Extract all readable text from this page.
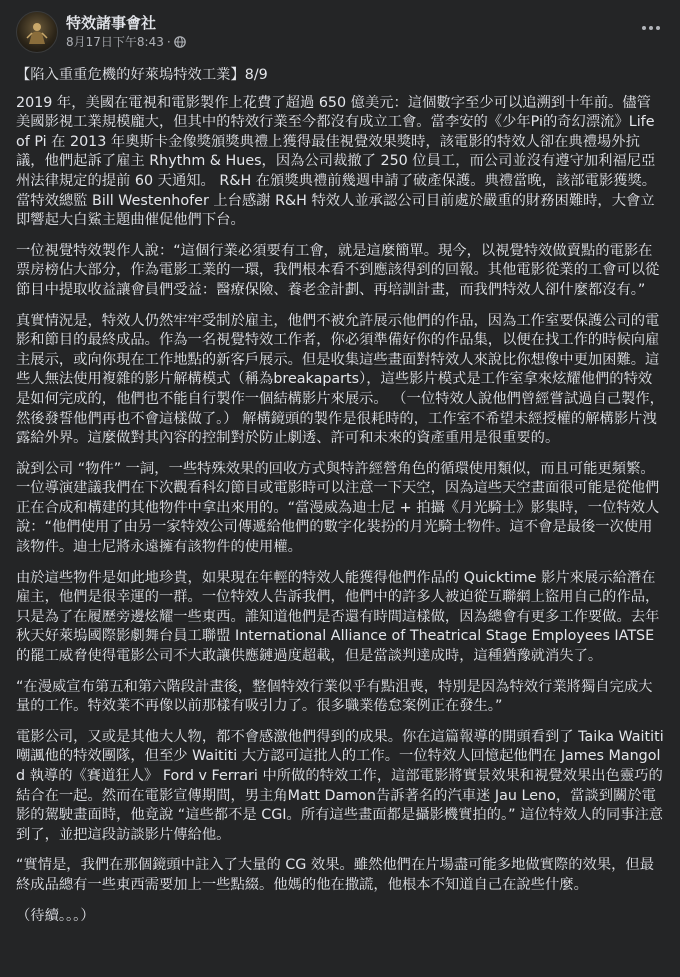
特效諸事會社
8月17日下午8:43 ·

【陷入重重危機的好萊塢特效工業】8/9

2019 年，美國在電視和電影製作上花費了超過 650 億美元：這個數字至少可以追溯到十年前。儘管美國影視工業規模龐大，但其中的特效行業至今都沒有成立工會。當李安的《少年Pi的奇幻漂流》Life of Pi 在 2013 年奧斯卡金像獎頒獎典禮上獲得最佳視覺效果獎時，該電影的特效人卻在典禮場外抗議，他們起訴了雇主 Rhythm & Hues，因為公司裁撤了 250 位員工，而公司並沒有遵守加利福尼亞州法律規定的提前 60 天通知。 R&H 在頒獎典禮前幾週申請了破產保護。典禮當晚，該部電影獲獎。當特效總監 Bill Westenhofer 上台感謝 R&H 特效人並承認公司目前處於嚴重的財務困難時，大會立即響起大白鯊主題曲催促他們下台。

一位視覺特效製作人說：“這個行業必須要有工會，就是這麼簡單。現今，以視覺特效做賣點的電影在票房榜佔大部分，作為電影工業的一環，我們根本看不到應該得到的回報。其他電影從業的工會可以從節目中提取收益讓會員們受益：醫療保險、養老金計劃、再培訓計畫，而我們特效人卻什麼都沒有。”

真實情況是，特效人仍然牢牢受制於雇主，他們不被允許展示他們的作品，因為工作室要保護公司的電影和節目的最終成品。作為一名視覺特效工作者，你必須準備好你的作品集，以便在找工作的時候向雇主展示，或向你現在工作地點的新客戶展示。但是收集這些畫面對特效人來說比你想像中更加困難。這些人無法使用複雜的影片解構模式（稱為breakaparts），這些影片模式是工作室拿來炫耀他們的特效是如何完成的，他們也不能自行製作一個結構影片來展示。 （一位特效人說他們曾經嘗試過自己製作，然後發誓他們再也不會這樣做了。） 解構鏡頭的製作是很耗時的，工作室不希望未經授權的解構影片洩露給外界。這麼做對其內容的控制對於防止劇透、許可和未來的資產重用是很重要的。

說到公司 “物件” 一詞，一些特殊效果的回收方式與特許經營角色的循環使用類似，而且可能更頻繁。一位導演建議我們在下次觀看科幻節目或電影時可以注意一下天空，因為這些天空畫面很可能是從他們正在合成和構建的其他物件中拿出來用的。“當漫威為迪士尼 + 拍攝《月光騎士》影集時，一位特效人說：“他們使用了由另一家特效公司傳遞給他們的數字化裝扮的月光騎士物件。這不會是最後一次使用該物件。迪士尼將永遠擁有該物件的使用權。

由於這些物件是如此地珍貴，如果現在年輕的特效人能獲得他們作品的 Quicktime 影片來展示給潛在雇主，他們是很幸運的一群。一位特效人告訴我們，他們中的許多人被迫從互聯網上盜用自己的作品，只是為了在履歷旁邊炫耀一些東西。誰知道他們是否還有時間這樣做，因為總會有更多工作要做。去年秋天好萊塢國際影劇舞台員工聯盟 International Alliance of Theatrical Stage Employees IATSE 的罷工威脅使得電影公司不大敢讓供應鏈過度超載，但是當談判達成時，這種猶豫就消失了。

“在漫威宣布第五和第六階段計畫後，整個特效行業似乎有點沮喪，特別是因為特效行業將獨自完成大量的工作。特效業不再像以前那樣有吸引力了。很多職業倦怠案例正在發生。”

電影公司，又或是其他大人物，都不會感激他們得到的成果。你在這篇報導的開頭看到了 Taika Waititi 嘲諷他的特效團隊，但至少 Waititi 大方認可這批人的工作。一位特效人回憶起他們在 James Mangold 執導的《賽道狂人》 Ford v Ferrari 中所做的特效工作，這部電影將實景效果和視覺效果出色靈巧的結合在一起。然而在電影宣傳期間，男主角Matt Damon告訴著名的汽車迷 Jau Leno，當談到關於電影的駕駛畫面時，他竟說 “這些都不是 CGI。所有這些畫面都是攝影機實拍的。” 這位特效人的同事注意到了，並把這段訪談影片傳給他。

“實情是，我們在那個鏡頭中註入了大量的 CG 效果。雖然他們在片場盡可能多地做實際的效果，但最終成品總有一些東西需要加上一些點綴。他媽的他在撒謊，他根本不知道自己在說些什麼。

（待續。。。）
